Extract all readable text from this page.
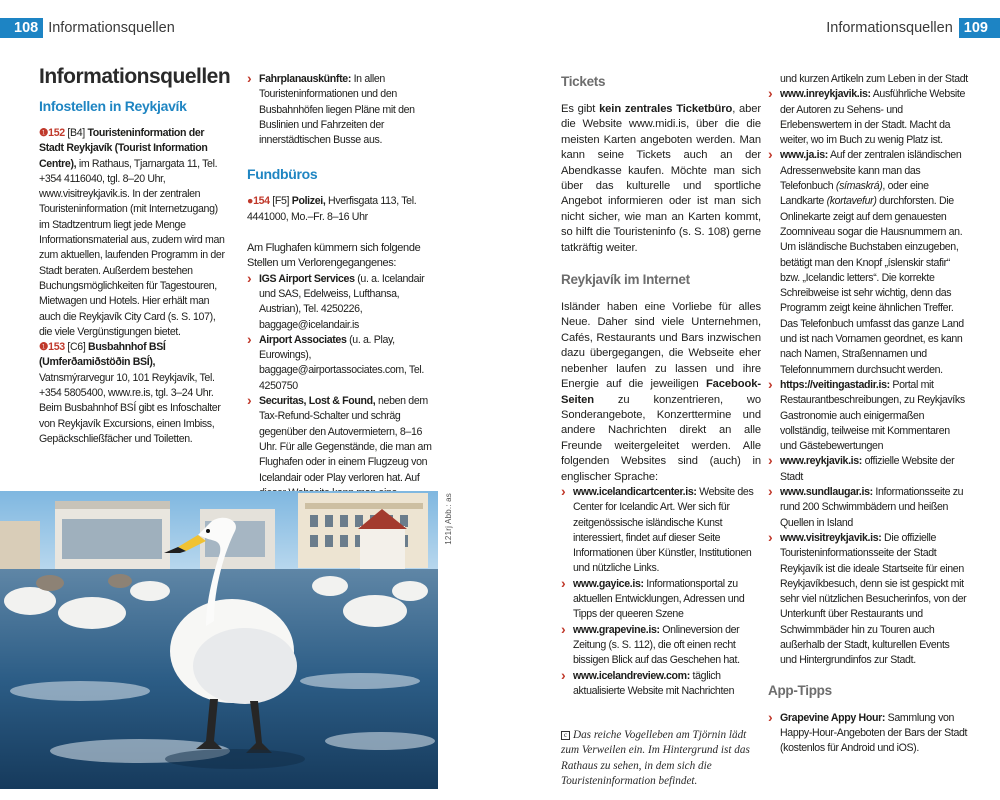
108 Informationsquellen
Informationsquellen
Infostellen in Reykjavík
❶152 [B4] Touristeninformation der Stadt Reykjavík (Tourist Information Centre), im Rathaus, Tjarnargata 11, Tel. +354 4116040, tgl. 8–20 Uhr, www.visitreykjavik.is. In der zentralen Touristeninformation (mit Internetzugang) im Stadtzentrum liegt jede Menge Informationsmaterial aus, zudem wird man zum aktuellen, laufenden Programm in der Stadt beraten. Außerdem bestehen Buchungsmöglichkeiten für Tagestouren, Mietwagen und Hotels. Hier erhält man auch die Reykjavík City Card (s. S. 107), die viele Vergünstigungen bietet.
❶153 [C6] Busbahnhof BSÍ (Umferðamiðstöðin BSÍ), Vatnsmýrarvegur 10, 101 Reykjavík, Tel. +354 5805400, www.re.is, tgl. 3–24 Uhr. Beim Busbahnhof BSÍ gibt es Infoschalter von Reykjavík Excursions, einen Imbiss, Gepäckschließfächer und Toiletten.
› Fahrplanauskünfte: In allen Touristeninformationen und den Busbahnhöfen liegen Pläne mit den Buslinien und Fahrzeiten der innerstädtischen Busse aus.
Fundbüros
●154 [F5] Polizei, Hverfisgata 113, Tel. 4441000, Mo.–Fr. 8–16 Uhr
Am Flughafen kümmern sich folgende Stellen um Verlorengegangenes:
› IGS Airport Services (u. a. Icelandair und SAS, Edelweiss, Lufthansa, Austrian), Tel. 4250226, baggage@icelandair.is
› Airport Associates (u. a. Play, Eurowings), baggage@airportassociates.com, Tel. 4250750
› Securitas, Lost & Found, neben dem Tax-Refund-Schalter und schräg gegenüber den Autovermietern, 8–16 Uhr. Für alle Gegenstände, die man am Flughafen oder in einem Flugzeug von Icelandair oder Play verloren hat. Auf
121rj Abb.: as
Informationsquellen 109
Tickets
Es gibt kein zentrales Ticketbüro, aber die Website www.midi.is, über die die meisten Karten angeboten werden. Man kann seine Tickets auch an der Abendkasse kaufen. Möchte man sich über das kulturelle und sportliche Angebot informieren oder ist man sich nicht sicher, wie man an Karten kommt, so hilft die Touristeninfo (s. S. 108) gerne tatkräftig weiter.
Reykjavík im Internet
Isländer haben eine Vorliebe für alles Neue. Daher sind viele Unternehmen, Cafés, Restaurants und Bars inzwischen dazu übergegangen, die Webseite eher nebenher laufen zu lassen und ihre Energie auf die jeweiligen Facebook-Seiten zu konzentrieren, wo Sonderangebote, Konzerttermine und andere Nachrichten direkt an alle Freunde weitergeleitet werden. Alle folgenden Websites sind (auch) in englischer Sprache:
› www.icelandicartcenter.is: Website des Center for Icelandic Art. Wer sich für zeitgenössische isländische Kunst interessiert, findet auf dieser Seite Informationen über Künstler, Institutionen und nützliche Links.
› www.gayice.is: Informationsportal zu aktuellen Entwicklungen, Adressen und Tipps der queeren Szene
› www.grapevine.is: Onlineversion der Zeitung (s. S. 112), die oft einen recht bissigen Blick auf das Geschehen hat.
› www.icelandreview.com: täglich aktualisierte Website mit Nachrichten
c Das reiche Vogelleben am Tjörnin lädt zum Verweilen ein. Im Hintergrund ist das Rathaus zu sehen, in dem sich die Touristeninformation befindet.
und kurzen Artikeln zum Leben in der Stadt
› www.inreykjavik.is: Ausführliche Website der Autoren zu Sehens- und Erlebenswertem in der Stadt. Macht da weiter, wo im Buch zu wenig Platz ist.
› www.ja.is: Auf der zentralen isländischen Adressenwebsite kann man das Telefonbuch (símaskrá), oder eine Landkarte (kortavefur) durchforsten. Die Onlinekarte zeigt auf dem genauesten Zoomniveau sogar die Hausnummern an. Um isländische Buchstaben einzugeben, betätigt man den Knopf „íslenskir stafir“ bzw. „Icelandic letters“. Die korrekte Schreibweise ist sehr wichtig, denn das Programm zeigt keine ähnlichen Treffer. Das Telefonbuch umfasst das ganze Land und ist nach Vornamen geordnet, es kann nach Namen, Straßennamen und Telefonnummern durchsucht werden.
› https://veitingastadir.is: Portal mit Restaurantbeschreibungen, zu Reykjavíks Gastronomie auch einigermaßen vollständig, teilweise mit Kommentaren und Gästebewertungen
› www.reykjavik.is: offizielle Website der Stadt
› www.sundlaugar.is: Informationsseite zu rund 200 Schwimmbädern und heißen Quellen in Island
› www.visitreykjavik.is: Die offizielle Touristeninformationsseite der Stadt Reykjavík ist die ideale Startseite für einen Reykjavíkbesuch, denn sie ist gespickt mit sehr viel nützlichen Besucherinfos, von der Unterkunft über Restaurants und Schwimmbäder hin zu Touren auch außerhalb der Stadt, kulturellen Events und Hintergrundinfos zur Stadt.
App-Tipps
› Grapevine Appy Hour: Sammlung von Happy-Hour-Angeboten der Bars der Stadt (kostenlos für Android und iOS).
